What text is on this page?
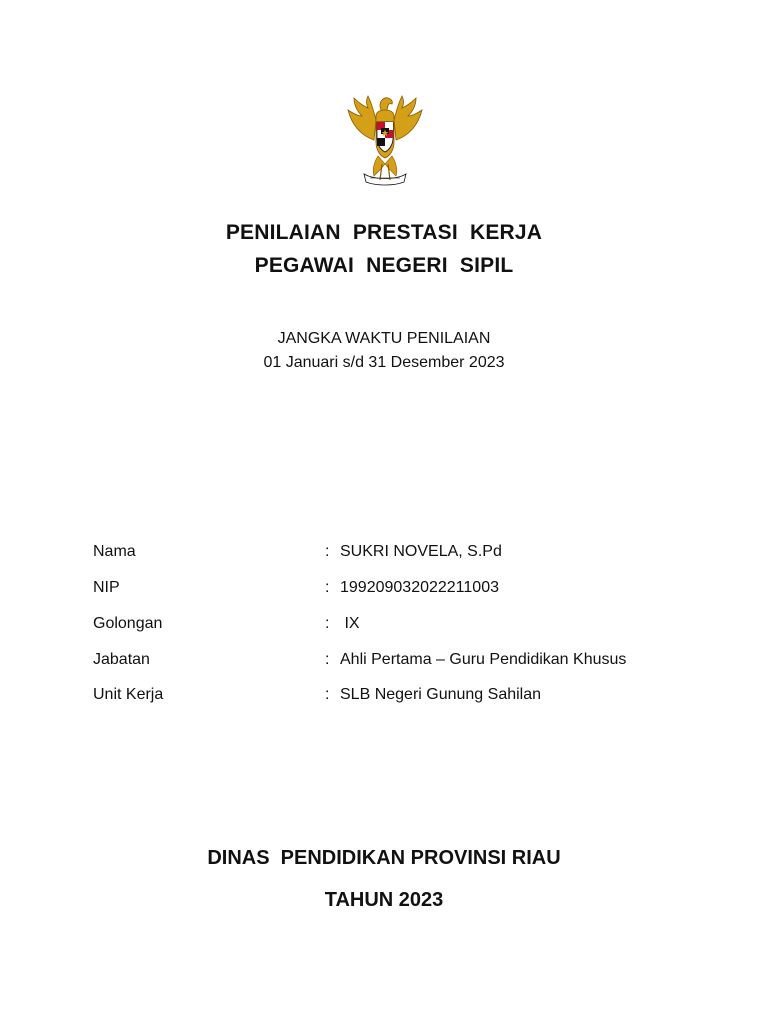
PENILAIAN  PRESTASI  KERJA
PEGAWAI  NEGERI  SIPIL
JANGKA WAKTU PENILAIAN
01 Januari s/d 31 Desember 2023
Nama	: SUKRI NOVELA, S.Pd
NIP	: 199209032022211003
Golongan	: IX
Jabatan	: Ahli Pertama – Guru Pendidikan Khusus
Unit Kerja	: SLB Negeri Gunung Sahilan
DINAS  PENDIDIKAN PROVINSI RIAU
TAHUN 2023
